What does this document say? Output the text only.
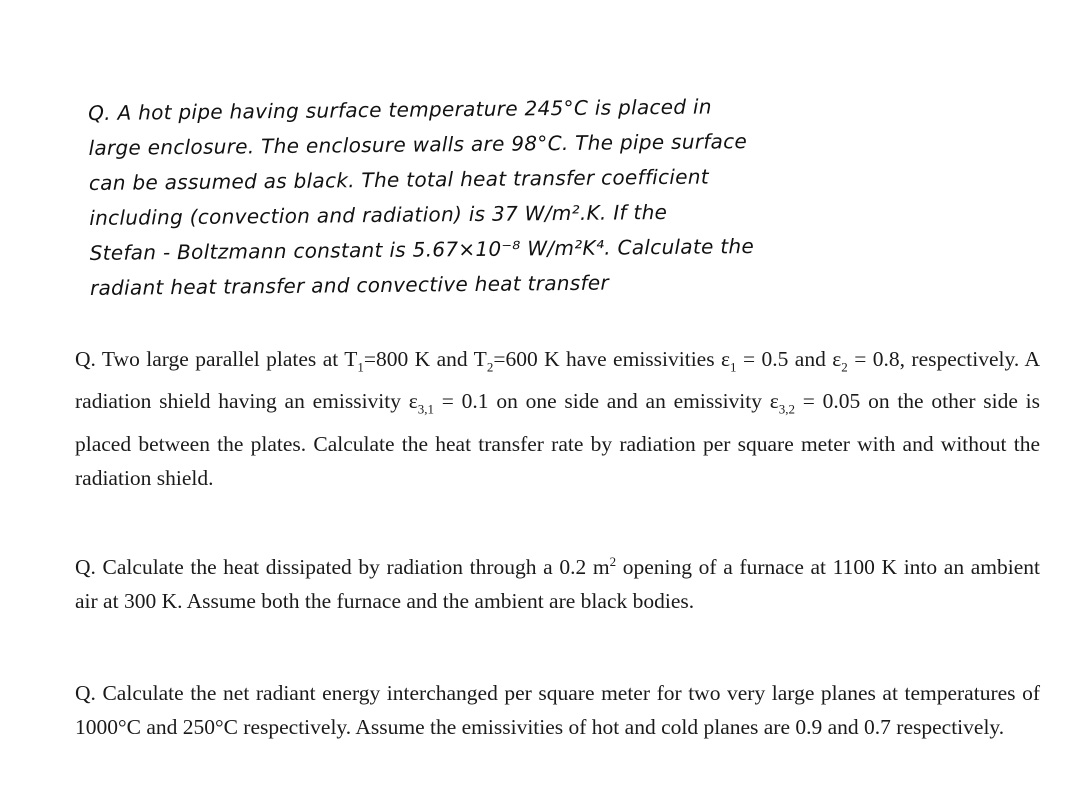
Q. A hot pipe having surface temperature 245°C is placed in
large enclosure. The enclosure walls are 98°C. The pipe surface
can be assumed as black. The total heat transfer coefficient
including (convection and radiation) is 37 W/m².K. If the
Stefan - Boltzmann constant is 5.67×10⁻⁸ W/m²K⁴. Calculate the
radiant heat transfer and convective heat transfer

Q. Two large parallel plates at $T_1=800$ K and $T_2=600$ K have emissivities $\varepsilon_1 = 0.5$ and $\varepsilon_2 = 0.8$, respectively. A radiation shield having an emissivity $\varepsilon_{3,1} = 0.1$ on one side and an emissivity $\varepsilon_{3,2} = 0.05$ on the other side is placed between the plates. Calculate the heat transfer rate by radiation per square meter with and without the radiation shield.

Q. Calculate the heat dissipated by radiation through a 0.2 $m^2$ opening of a furnace at 1100 K into an ambient air at 300 K. Assume both the furnace and the ambient are black bodies.

Q. Calculate the net radiant energy interchanged per square meter for two very large planes at temperatures of 1000°C and 250°C respectively. Assume the emissivities of hot and cold planes are 0.9 and 0.7 respectively.
